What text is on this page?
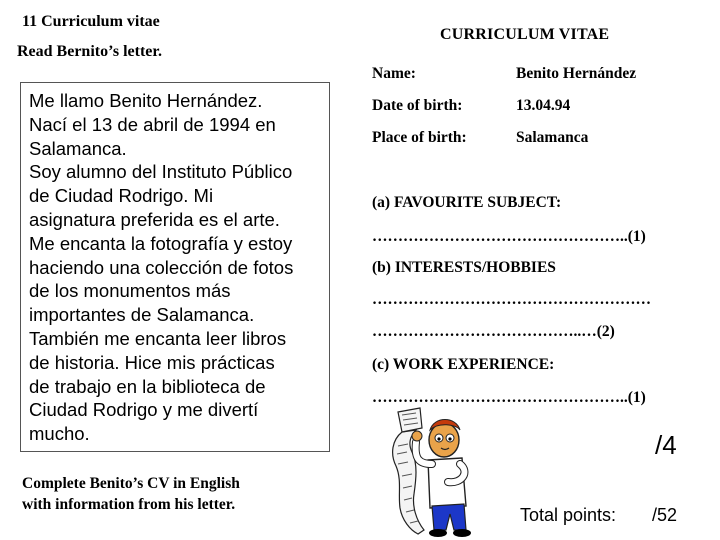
11 Curriculum vitae
Read Bernito’s letter.
Me llamo Benito Hernández.
Nací el 13 de abril de 1994 en
Salamanca.
Soy alumno del Instituto Público
de Ciudad Rodrigo. Mi
asignatura preferida es el arte.
Me encanta la fotografía y estoy
haciendo una colección de fotos
de los monumentos más
importantes de Salamanca.
También me encanta leer libros
de historia. Hice mis prácticas
de trabajo en la biblioteca de
Ciudad Rodrigo y me divertí
mucho.
Complete Benito’s CV in English
with information from his letter.
CURRICULUM VITAE
Name:	Benito Hernández
Date of birth:	13.04.94
Place of birth:	Salamanca
(a) FAVOURITE SUBJECT:
…………………………………………..(1)
(b) INTERESTS/HOBBIES
………………………………………………
…………………………………..…(2)
(c) WORK EXPERIENCE:
…………………………………………..(1)
/4
Total points: /52
